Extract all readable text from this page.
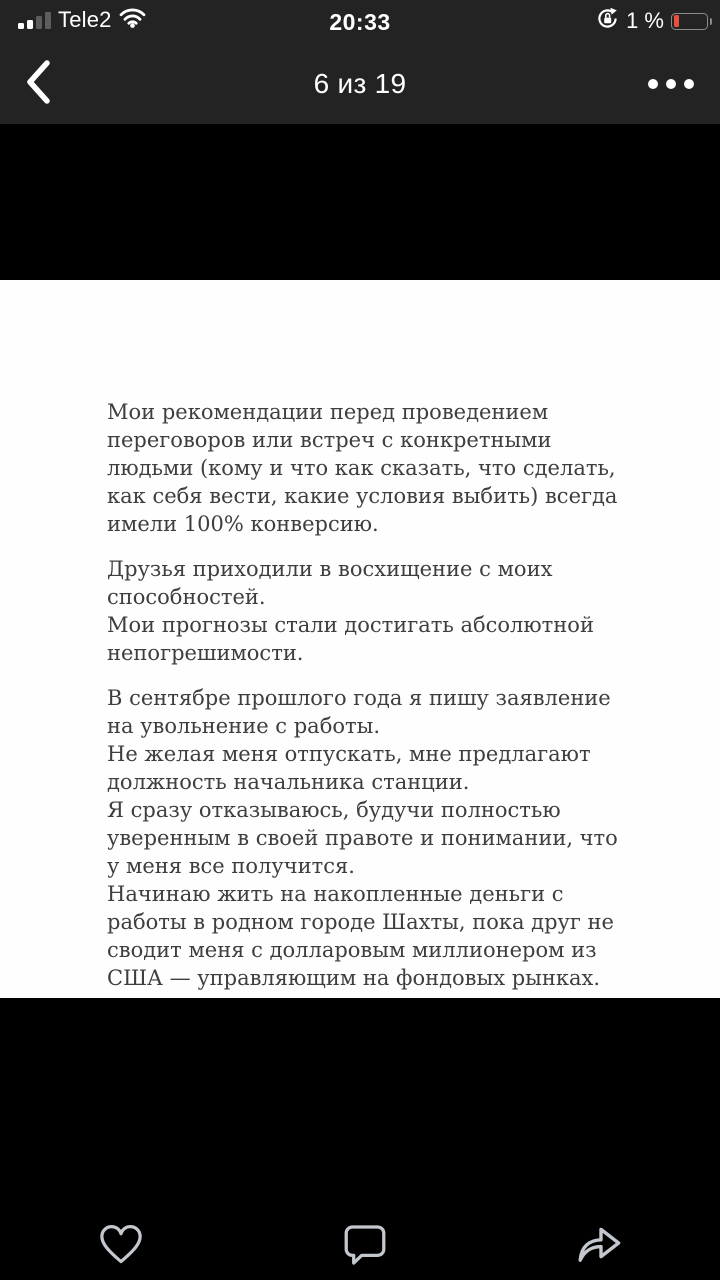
Tele2	20:33	1 %
6 из 19
Мои рекомендации перед проведением переговоров или встреч с конкретными людьми (кому и что как сказать, что сделать, как себя вести, какие условия выбить) всегда имели 100% конверсию.
Друзья приходили в восхищение с моих способностей.
Мои прогнозы стали достигать абсолютной непогрешимости.
В сентябре прошлого года я пишу заявление на увольнение с работы.
Не желая меня отпускать, мне предлагают должность начальника станции.
Я сразу отказываюсь, будучи полностью уверенным в своей правоте и понимании, что у меня все получится.
Начинаю жить на накопленные деньги с работы в родном городе Шахты, пока друг не сводит меня с долларовым миллионером из США — управляющим на фондовых рынках.
